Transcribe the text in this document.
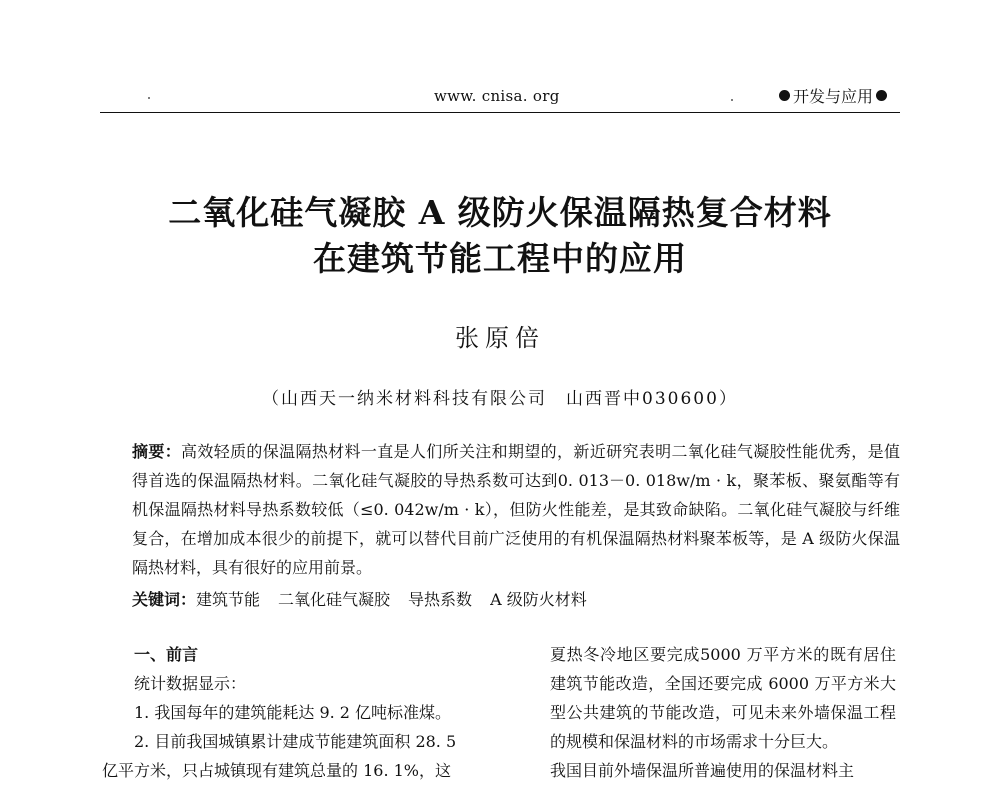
www. cnisa. org	开发与应用
二氧化硅气凝胶 A 级防火保温隔热复合材料
在建筑节能工程中的应用
张原倍
（山西天一纳米材料科技有限公司　山西晋中030600）
摘要：高效轻质的保温隔热材料一直是人们所关注和期望的，新近研究表明二氧化硅气凝胶性能优秀，是值得首选的保温隔热材料。二氧化硅气凝胶的导热系数可达到0. 013－0. 018w/m · k，聚苯板、聚氨酯等有机保温隔热材料导热系数较低（≤0. 042w/m · k），但防火性能差，是其致命缺陷。二氧化硅气凝胶与纤维复合，在增加成本很少的前提下，就可以替代目前广泛使用的有机保温隔热材料聚苯板等，是 A 级防火保温隔热材料，具有很好的应用前景。
关键词：建筑节能 二氧化硅气凝胶 导热系数 A 级防火材料

一、前言

统计数据显示：

1. 我国每年的建筑能耗达 9. 2 亿吨标准煤。

2. 目前我国城镇累计建成节能建筑面积 28. 5

亿平方米，只占城镇现有建筑总量的 16. 1%，这

夏热冬冷地区要完成5000 万平方米的既有居住建筑节能改造，全国还要完成 6000 万平方米大型公共建筑的节能改造，可见未来外墙保温工程的规模和保温材料的市场需求十分巨大。

我国目前外墙保温所普遍使用的保温材料主
